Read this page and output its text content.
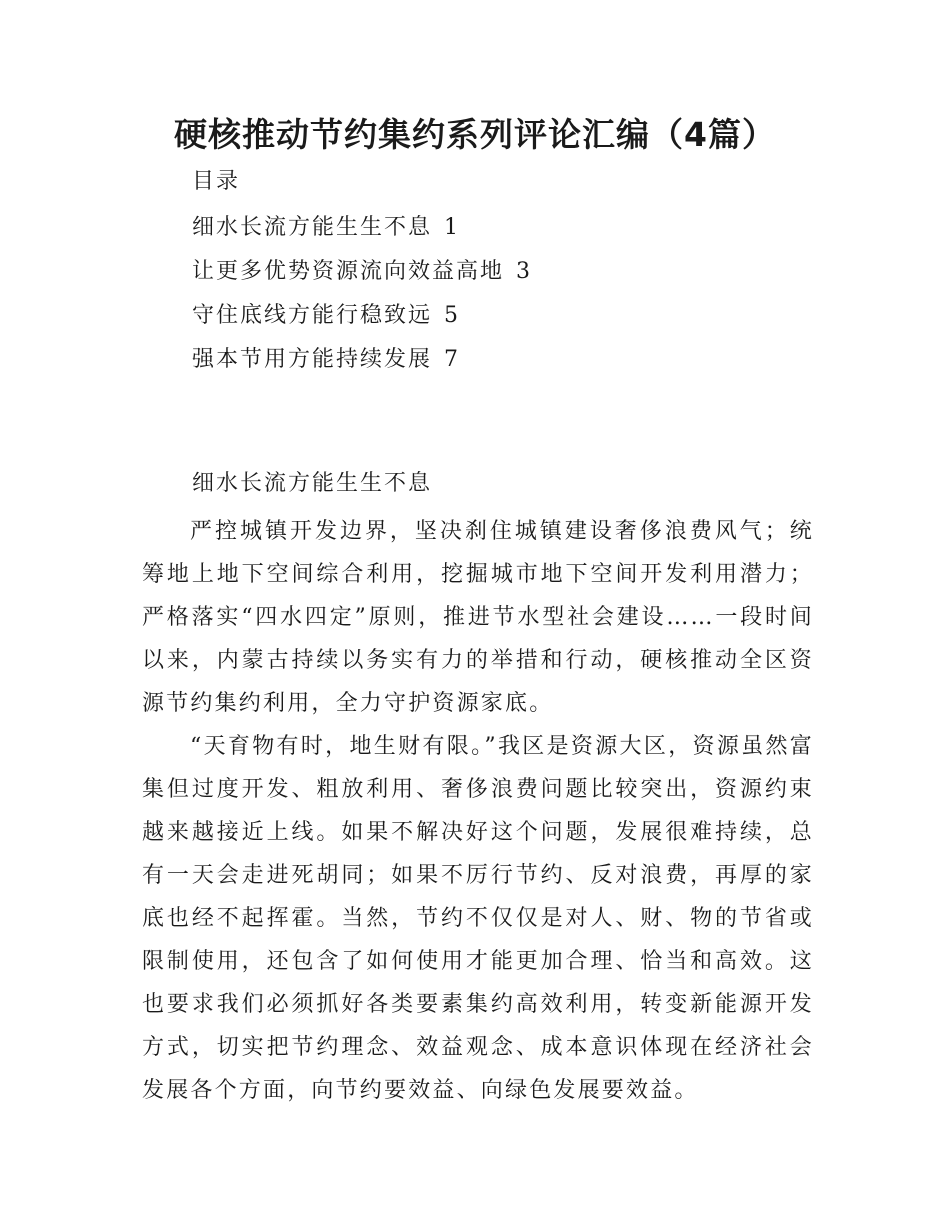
硬核推动节约集约系列评论汇编（4篇）
目录
细水长流方能生生不息 1
让更多优势资源流向效益高地 3
守住底线方能行稳致远 5
强本节用方能持续发展 7
细水长流方能生生不息

严控城镇开发边界，坚决刹住城镇建设奢侈浪费风气；统筹地上地下空间综合利用，挖掘城市地下空间开发利用潜力；严格落实“四水四定”原则，推进节水型社会建设……一段时间以来，内蒙古持续以务实有力的举措和行动，硬核推动全区资源节约集约利用，全力守护资源家底。

“天育物有时，地生财有限。”我区是资源大区，资源虽然富集但过度开发、粗放利用、奢侈浪费问题比较突出，资源约束越来越接近上线。如果不解决好这个问题，发展很难持续，总有一天会走进死胡同；如果不厉行节约、反对浪费，再厚的家底也经不起挥霍。当然，节约不仅仅是对人、财、物的节省或限制使用，还包含了如何使用才能更加合理、恰当和高效。这也要求我们必须抓好各类要素集约高效利用，转变新能源开发方式，切实把节约理念、效益观念、成本意识体现在经济社会发展各个方面，向节约要效益、向绿色发展要效益。
